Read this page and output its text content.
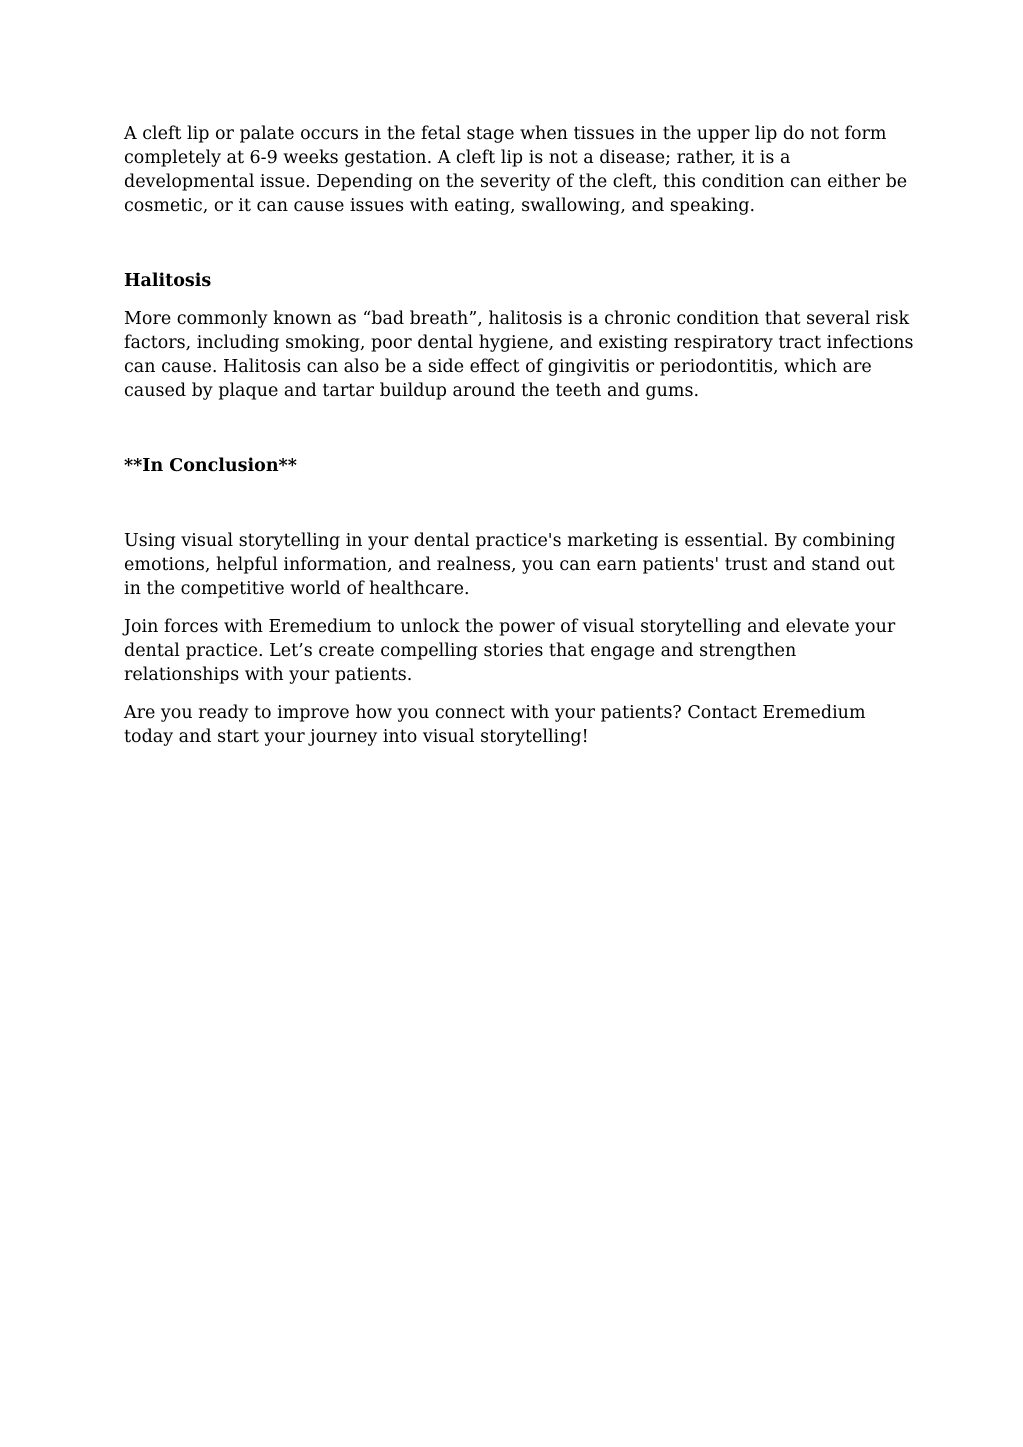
A cleft lip or palate occurs in the fetal stage when tissues in the upper lip do not form completely at 6-9 weeks gestation. A cleft lip is not a disease; rather, it is a developmental issue. Depending on the severity of the cleft, this condition can either be cosmetic, or it can cause issues with eating, swallowing, and speaking.

Halitosis

More commonly known as “bad breath”, halitosis is a chronic condition that several risk factors, including smoking, poor dental hygiene, and existing respiratory tract infections can cause. Halitosis can also be a side effect of gingivitis or periodontitis, which are caused by plaque and tartar buildup around the teeth and gums.

**In Conclusion**

Using visual storytelling in your dental practice's marketing is essential. By combining emotions, helpful information, and realness, you can earn patients' trust and stand out in the competitive world of healthcare.

Join forces with Eremedium to unlock the power of visual storytelling and elevate your dental practice. Let’s create compelling stories that engage and strengthen relationships with your patients.

Are you ready to improve how you connect with your patients? Contact Eremedium today and start your journey into visual storytelling!
